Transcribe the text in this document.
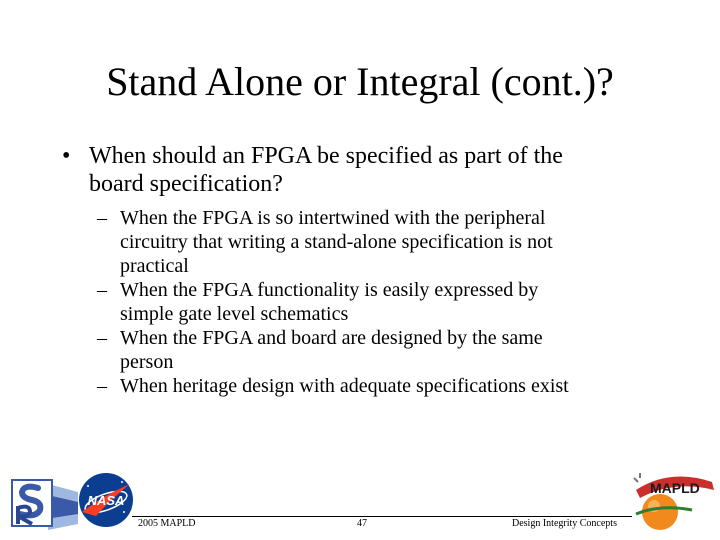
Stand Alone or Integral (cont.)?
• When should an FPGA be specified as part of the
board specification?
– When the FPGA is so intertwined with the peripheral
circuitry that writing a stand-alone specification is not
practical
– When the FPGA functionality is easily expressed by
simple gate level schematics
– When the FPGA and board are designed by the same
person
– When heritage design with adequate specifications exist
2005 MAPLD	47	Design Integrity Concepts
NASA
MAPLD
